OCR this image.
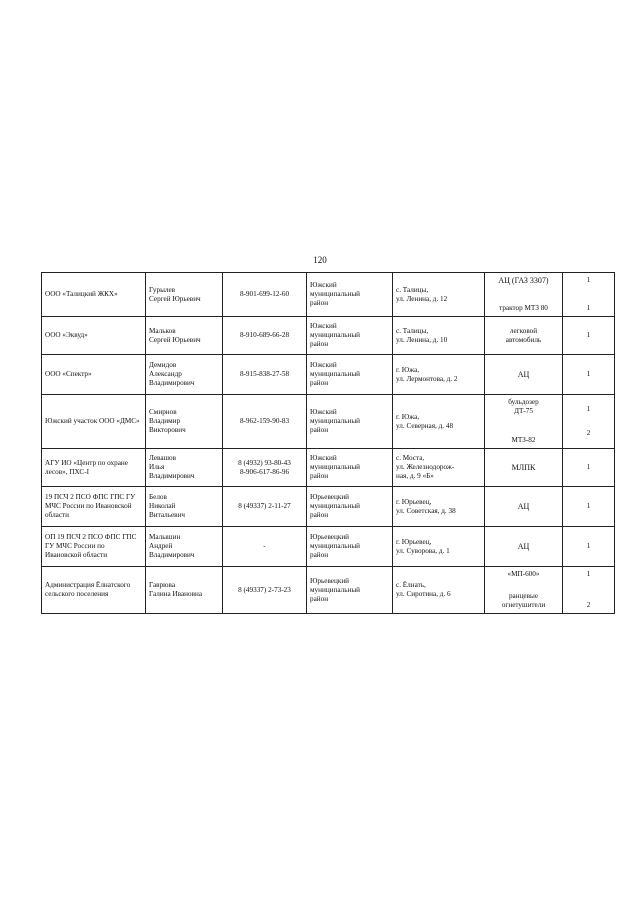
120
ООО «Талицкий ЖКХ»	Гурылев
Сергей Юрьевич	8-901-699-12-60	Южский
муниципальный
район	с. Талицы,
ул. Ленина, д. 12	АЦ (ГАЗ 3307)
трактор МТЗ 80	1
1

ООО «Эквуд»	Мальков
Сергей Юрьевич	8-910-689-66-28	Южский
муниципальный
район	с. Талицы,
ул. Ленина, д. 10	легковой
автомобиль	1

ООО «Спектр»	Демидов
Александр
Владимирович	8-915-838-27-58	Южский
муниципальный
район	г. Южа,
ул. Лермонтова, д. 2	АЦ	1

Южский участок ООО «ДМС»	Смирнов
Владимир
Викторович	8-962-159-90-83	Южский
муниципальный
район	г. Южа,
ул. Северная, д. 48	бульдозер
ДТ-75
МТЗ-82	1
2

АГУ ИО «Центр по охране лесов», ПХС-I	Левашов
Илья
Владимирович	8 (4932) 93-80-43
8-906-617-86-96	Южский
муниципальный
район	с. Моста,
ул. Железнодорож-
ная, д. 9 «Б»	МЛПК	1

19 ПСЧ 2 ПСО ФПС ГПС ГУ МЧС России по Ивановской области	Белов
Николай
Витальевич	8 (49337) 2-11-27	Юрьевецкий
муниципальный
район	г. Юрьевец,
ул. Советская, д. 38	АЦ	1

ОП 19 ПСЧ 2 ПСО ФПС ГПС ГУ МЧС России по Ивановской области	Малышин
Андрей
Владимирович	-	Юрьевецкий
муниципальный
район	г. Юрьевец,
ул. Суворова, д. 1	АЦ	1

Администрация Ёлнатского сельского поселения	Гаврюва
Галина Ивановна	8 (49337) 2-73-23	Юрьевецкий
муниципальный
район	с. Ёлнать,
ул. Сиротина, д. 6	«МП-600»
ранцевые
огнетушители	1
2
